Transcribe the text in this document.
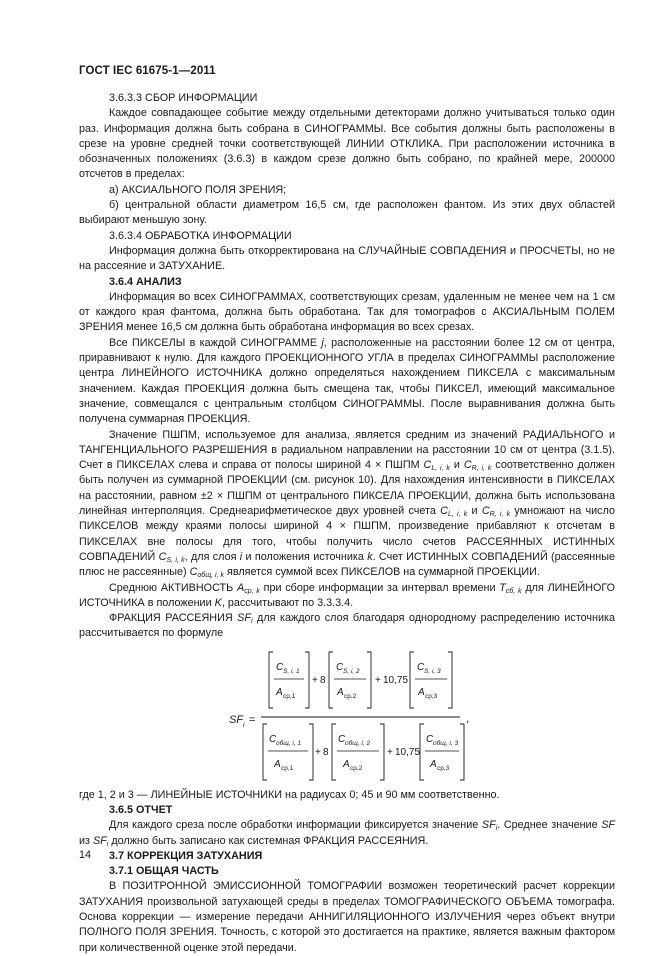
ГОСТ IEC 61675-1—2011

3.6.3.3 СБОР ИНФОРМАЦИИ

Каждое совпадающее событие между отдельными детекторами должно учитываться только один раз. Информация должна быть собрана в СИНОГРАММЫ. Все события должны быть расположены в срезе на уровне средней точки соответствующей ЛИНИИ ОТКЛИКА. При расположении источника в обозначенных положениях (3.6.3) в каждом срезе должно быть собрано, по крайней мере, 200000 отсчетов в пределах:

а) АКСИАЛЬНОГО ПОЛЯ ЗРЕНИЯ;

б) центральной области диаметром 16,5 см, где расположен фантом. Из этих двух областей выбирают меньшую зону.

3.6.3.4 ОБРАБОТКА ИНФОРМАЦИИ

Информация должна быть откорректирована на СЛУЧАЙНЫЕ СОВПАДЕНИЯ и ПРОСЧЕТЫ, но не на рассеяние и ЗАТУХАНИЕ.

3.6.4 АНАЛИЗ

Информация во всех СИНОГРАММАХ, соответствующих срезам, удаленным не менее чем на 1 см от каждого края фантома, должна быть обработана. Так для томографов с АКСИАЛЬНЫМ ПОЛЕМ ЗРЕНИЯ менее 16,5 см должна быть обработана информация во всех срезах.

Все ПИКСЕЛЫ в каждой СИНОГРАММЕ j, расположенные на расстоянии более 12 см от центра, приравнивают к нулю. Для каждого ПРОЕКЦИОННОГО УГЛА в пределах СИНОГРАММЫ расположение центра ЛИНЕЙНОГО ИСТОЧНИКА должно определяться нахождением ПИКСЕЛА с максимальным значением. Каждая ПРОЕКЦИЯ должна быть смещена так, чтобы ПИКСЕЛ, имеющий максимальное значение, совмещался с центральным столбцом СИНОГРАММЫ. После выравнивания должна быть получена суммарная ПРОЕКЦИЯ.

Значение ПШПМ, используемое для анализа, является средним из значений РАДИАЛЬНОГО и ТАНГЕНЦИАЛЬНОГО РАЗРЕШЕНИЯ в радиальном направлении на расстоянии 10 см от центра (3.1.5). Счет в ПИКСЕЛАХ слева и справа от полосы шириной 4 × ПШПМ $C_{L, i, k}$ и $C_{R, i, k}$ соответственно должен быть получен из суммарной ПРОЕКЦИИ (см. рисунок 10). Для нахождения интенсивности в ПИКСЕЛАХ на расстоянии, равном ±2 × ПШПМ от центрального ПИКСЕЛА ПРОЕКЦИИ, должна быть использована линейная интерполяция. Среднеарифметическое двух уровней счета $C_{L, i, k}$ и $C_{R, i, k}$ умножают на число ПИКСЕЛОВ между краями полосы шириной 4 × ПШПМ, произведение прибавляют к отсчетам в ПИКСЕЛАХ вне полосы для того, чтобы получить число счетов РАССЕЯННЫХ ИСТИННЫХ СОВПАДЕНИЙ $C_{S, i, k}$, для слоя i и положения источника k. Счет ИСТИННЫХ СОВПАДЕНИЙ (рассеянные плюс не рассеянные) $C_{общ, i, k}$ является суммой всех ПИКСЕЛОВ на суммарной ПРОЕКЦИИ.

Среднюю АКТИВНОСТЬ $A_{ср, k}$ при сборе информации за интервал времени $T_{сб, k}$ для ЛИНЕЙНОГО ИСТОЧНИКА в положении K, рассчитывают по 3.3.3.4.

ФРАКЦИЯ РАССЕЯНИЯ $SF_i$ для каждого слоя благодаря однородному распределению источника рассчитывается по формуле

SF i =
C S, i, 1
A ср,1
+ 8
C S, i, 2
A ср,2
+ 10,75
C S, i, 3
A ср,3
C общ, i, 1
A ср,1
+ 8
C общ, i, 2
A ср,2
+ 10,75
C общ, i, 3
A ср,3
,

где 1, 2 и 3 — ЛИНЕЙНЫЕ ИСТОЧНИКИ на радиусах 0; 45 и 90 мм соответственно.

3.6.5 ОТЧЕТ

Для каждого среза после обработки информации фиксируется значение $SF_i$. Среднее значение SF из $SF_i$ должно быть записано как системная ФРАКЦИЯ РАССЕЯНИЯ.

3.7 КОРРЕКЦИЯ ЗАТУХАНИЯ

3.7.1 ОБЩАЯ ЧАСТЬ

В ПОЗИТРОННОЙ ЭМИССИОННОЙ ТОМОГРАФИИ возможен теоретический расчет коррекции ЗАТУХАНИЯ произвольной затухающей среды в пределах ТОМОГРАФИЧЕСКОГО ОБЪЕМА томографа. Основа коррекции — измерение передачи АННИГИЛЯЦИОННОГО ИЗЛУЧЕНИЯ через объект внутри ПОЛНОГО ПОЛЯ ЗРЕНИЯ. Точность, с которой это достигается на практике, является важным фактором при количественной оценке этой передачи.

14
